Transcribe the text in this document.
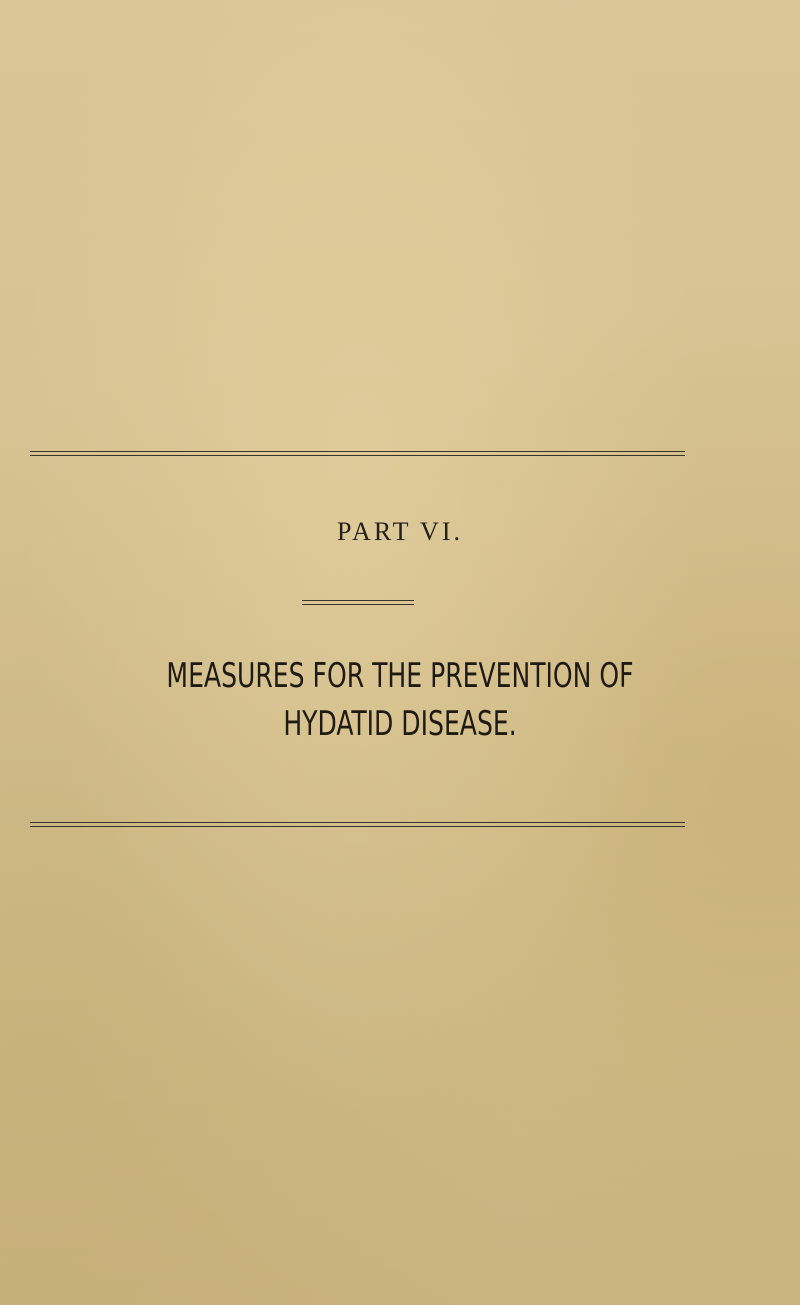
PART VI.
MEASURES FOR THE PREVENTION OF
HYDATID DISEASE.
